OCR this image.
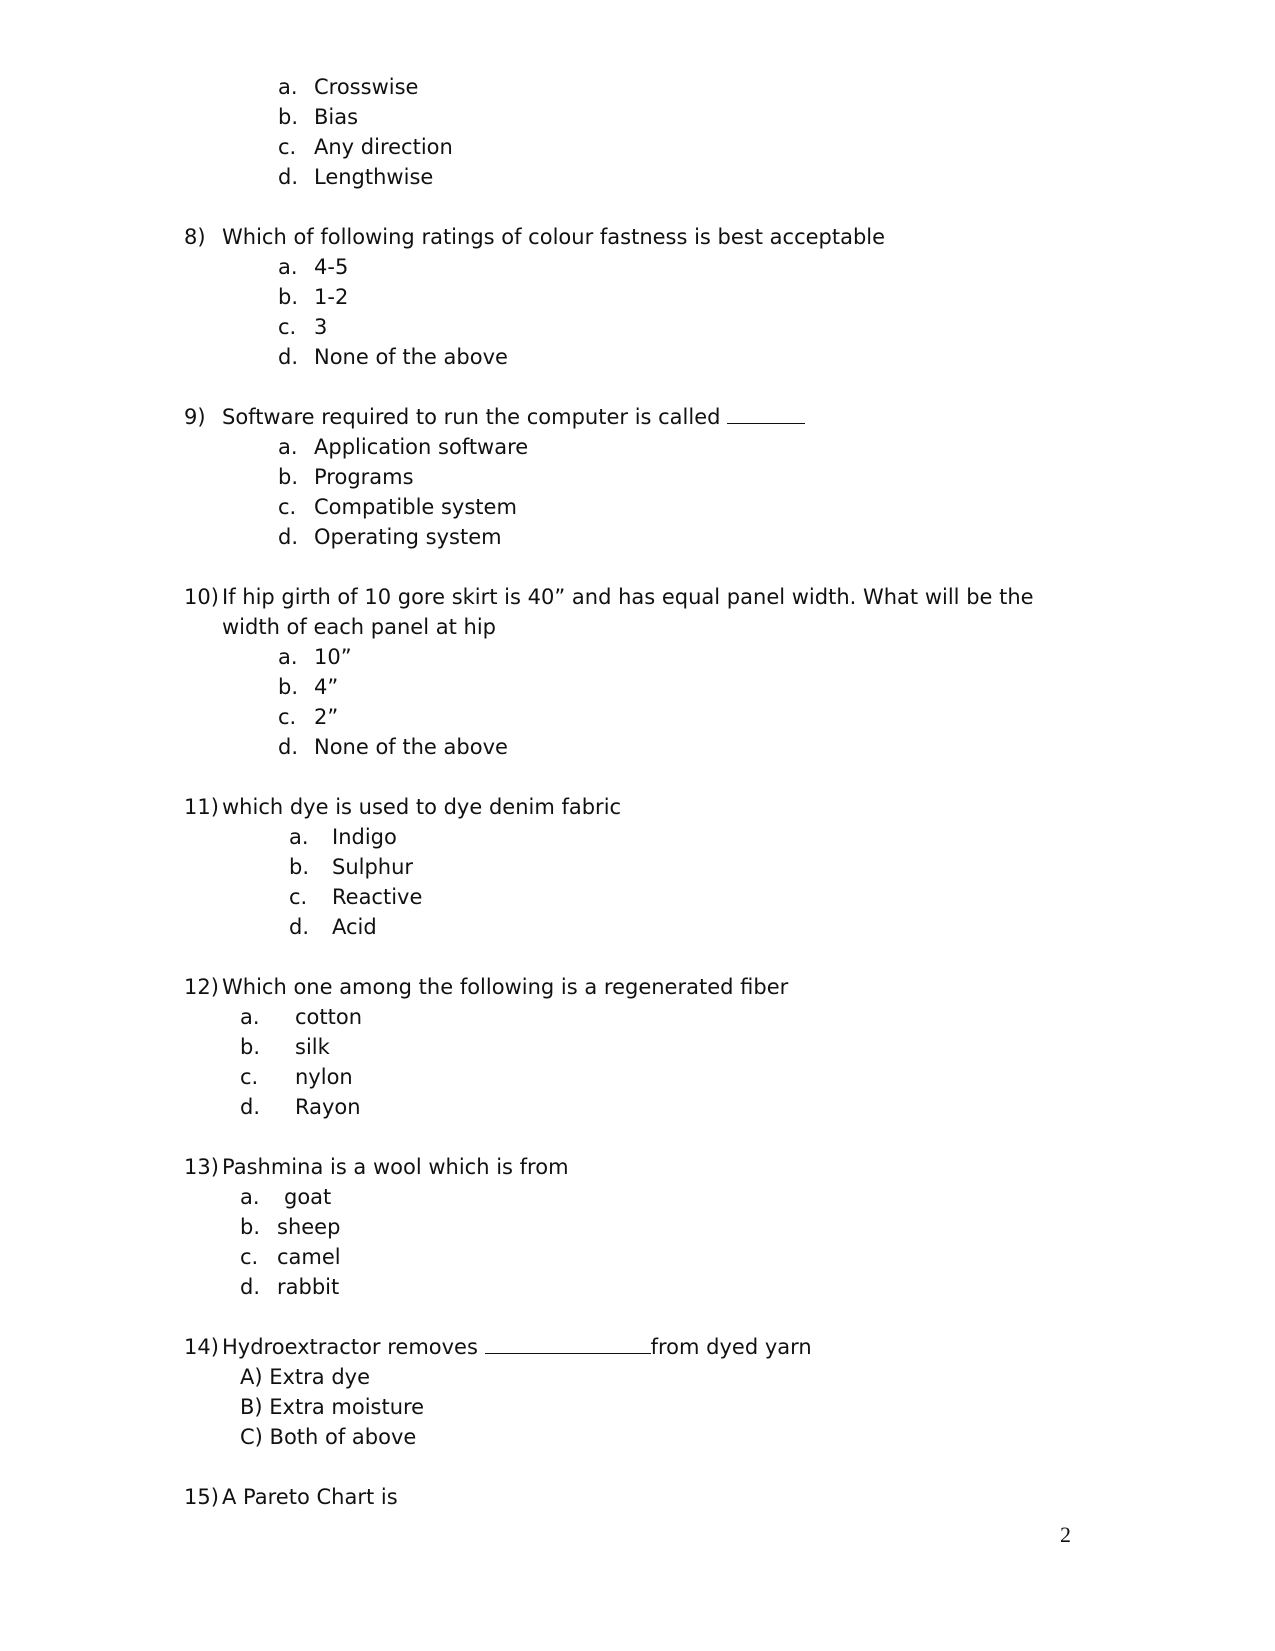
a. Crosswise
b. Bias
c. Any direction
d. Lengthwise
8) Which of following ratings of colour fastness is best acceptable
a. 4-5
b. 1-2
c. 3
d. None of the above
9) Software required to run the computer is called
a. Application software
b. Programs
c. Compatible system
d. Operating system
10) If hip girth of 10 gore skirt is 40” and has equal panel width. What will be the
width of each panel at hip
a. 10”
b. 4”
c. 2”
d. None of the above
11) which dye is used to dye denim fabric
a. Indigo
b. Sulphur
c. Reactive
d. Acid
12) Which one among the following is a regenerated fiber
a. cotton
b. silk
c. nylon
d. Rayon
13) Pashmina is a wool which is from
a. goat
b. sheep
c. camel
d. rabbit
14) Hydroextractor removes	from dyed yarn
A) Extra dye
B) Extra moisture
C) Both of above
15) A Pareto Chart is
2
